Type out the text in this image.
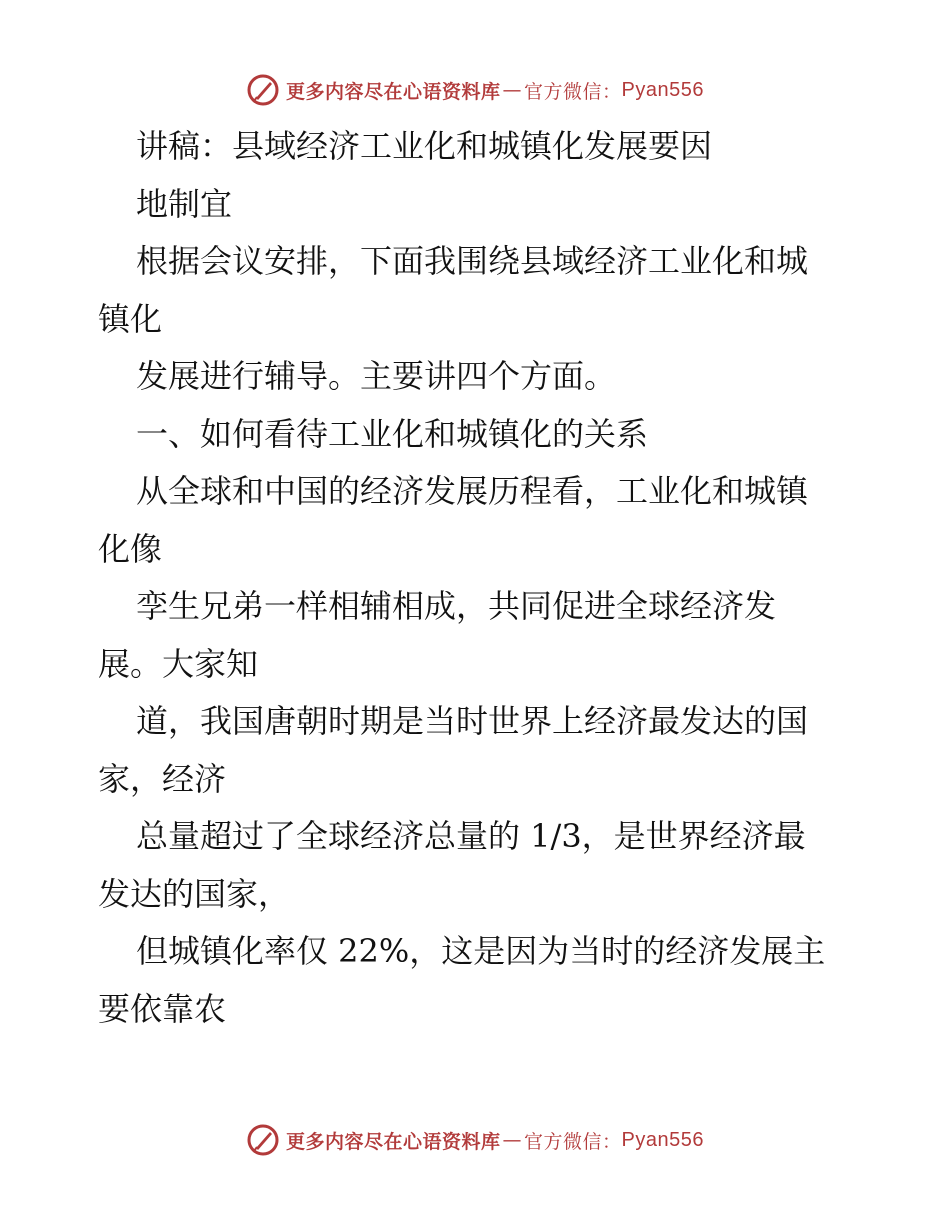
更多内容尽在心语资料库 — 官方微信： Pyan556
讲稿：县域经济工业化和城镇化发展要因
地制宜
根据会议安排，下面我围绕县域经济工业化和城
镇化
发展进行辅导。主要讲四个方面。
一、如何看待工业化和城镇化的关系
从全球和中国的经济发展历程看，工业化和城镇
化像
孪生兄弟一样相辅相成，共同促进全球经济发
展。大家知
道，我国唐朝时期是当时世界上经济最发达的国
家，经济
总量超过了全球经济总量的 1/3，是世界经济最
发达的国家，
但城镇化率仅 22%，这是因为当时的经济发展主
要依靠农
更多内容尽在心语资料库 — 官方微信： Pyan556
